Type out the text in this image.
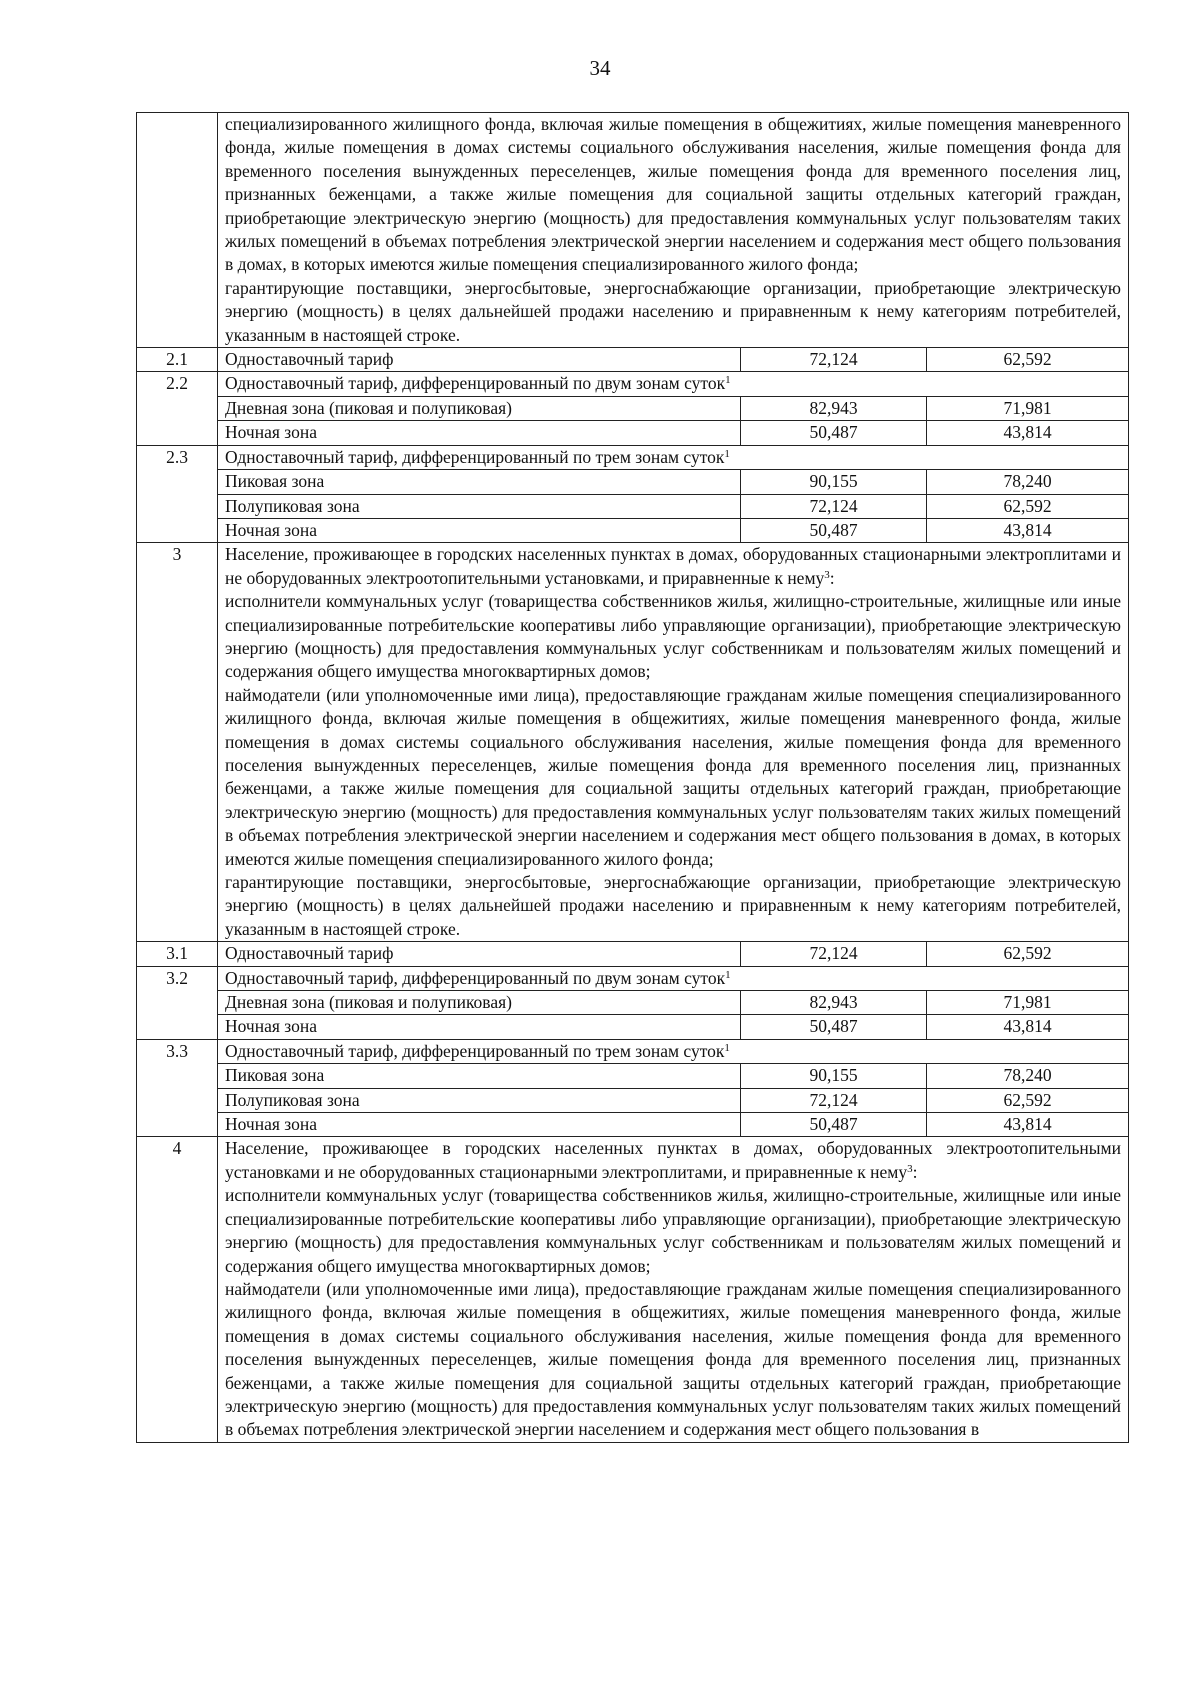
34

	специализированного жилищного фонда, включая жилые помещения в общежитиях, жилые помещения маневренного фонда, жилые помещения в домах системы социального обслуживания населения, жилые помещения фонда для временного поселения вынужденных переселенцев, жилые помещения фонда для временного поселения лиц, признанных беженцами, а также жилые помещения для социальной защиты отдельных категорий граждан, приобретающие электрическую энергию (мощность) для предоставления коммунальных услуг пользователям таких жилых помещений в объемах потребления электрической энергии населением и содержания мест общего пользования в домах, в которых имеются жилые помещения специализированного жилого фонда;
гарантирующие поставщики, энергосбытовые, энергоснабжающие организации, приобретающие электрическую энергию (мощность) в целях дальнейшей продажи населению и приравненным к нему категориям потребителей, указанным в настоящей строке.		

2.1	Одноставочный тариф	72,124	62,592
2.2	Одноставочный тариф, дифференцированный по двум зонам суток$^1$
	Дневная зона (пиковая и полупиковая)	82,943	71,981
	Ночная зона	50,487	43,814
2.3	Одноставочный тариф, дифференцированный по трем зонам суток$^1$
	Пиковая зона	90,155	78,240
	Полупиковая зона	72,124	62,592
	Ночная зона	50,487	43,814
3	Население, проживающее в городских населенных пунктах в домах, оборудованных стационарными электроплитами и не оборудованных электроотопительными установками, и приравненные к нему$^3$:
исполнители коммунальных услуг (товарищества собственников жилья, жилищно-строительные, жилищные или иные специализированные потребительские кооперативы либо управляющие организации), приобретающие электрическую энергию (мощность) для предоставления коммунальных услуг собственникам и пользователям жилых помещений и содержания общего имущества многоквартирных домов;
наймодатели (или уполномоченные ими лица), предоставляющие гражданам жилые помещения специализированного жилищного фонда, включая жилые помещения в общежитиях, жилые помещения маневренного фонда, жилые помещения в домах системы социального обслуживания населения, жилые помещения фонда для временного поселения вынужденных переселенцев, жилые помещения фонда для временного поселения лиц, признанных беженцами, а также жилые помещения для социальной защиты отдельных категорий граждан, приобретающие электрическую энергию (мощность) для предоставления коммунальных услуг пользователям таких жилых помещений в объемах потребления электрической энергии населением и содержания мест общего пользования в домах, в которых имеются жилые помещения специализированного жилого фонда;
гарантирующие поставщики, энергосбытовые, энергоснабжающие организации, приобретающие электрическую энергию (мощность) в целях дальнейшей продажи населению и приравненным к нему категориям потребителей, указанным в настоящей строке.		

3.1	Одноставочный тариф	72,124	62,592
3.2	Одноставочный тариф, дифференцированный по двум зонам суток$^1$
	Дневная зона (пиковая и полупиковая)	82,943	71,981
	Ночная зона	50,487	43,814
3.3	Одноставочный тариф, дифференцированный по трем зонам суток$^1$
	Пиковая зона	90,155	78,240
	Полупиковая зона	72,124	62,592
	Ночная зона	50,487	43,814
4	Население, проживающее в городских населенных пунктах в домах, оборудованных электроотопительными установками и не оборудованных стационарными электроплитами, и приравненные к нему$^3$:
исполнители коммунальных услуг (товарищества собственников жилья, жилищно-строительные, жилищные или иные специализированные потребительские кооперативы либо управляющие организации), приобретающие электрическую энергию (мощность) для предоставления коммунальных услуг собственникам и пользователям жилых помещений и содержания общего имущества многоквартирных домов;
наймодатели (или уполномоченные ими лица), предоставляющие гражданам жилые помещения специализированного жилищного фонда, включая жилые помещения в общежитиях, жилые помещения маневренного фонда, жилые помещения в домах системы социального обслуживания населения, жилые помещения фонда для временного поселения вынужденных переселенцев, жилые помещения фонда для временного поселения лиц, признанных беженцами, а также жилые помещения для социальной защиты отдельных категорий граждан, приобретающие электрическую энергию (мощность) для предоставления коммунальных услуг пользователям таких жилых помещений в объемах потребления электрической энергии населением и содержания мест общего пользования в		
